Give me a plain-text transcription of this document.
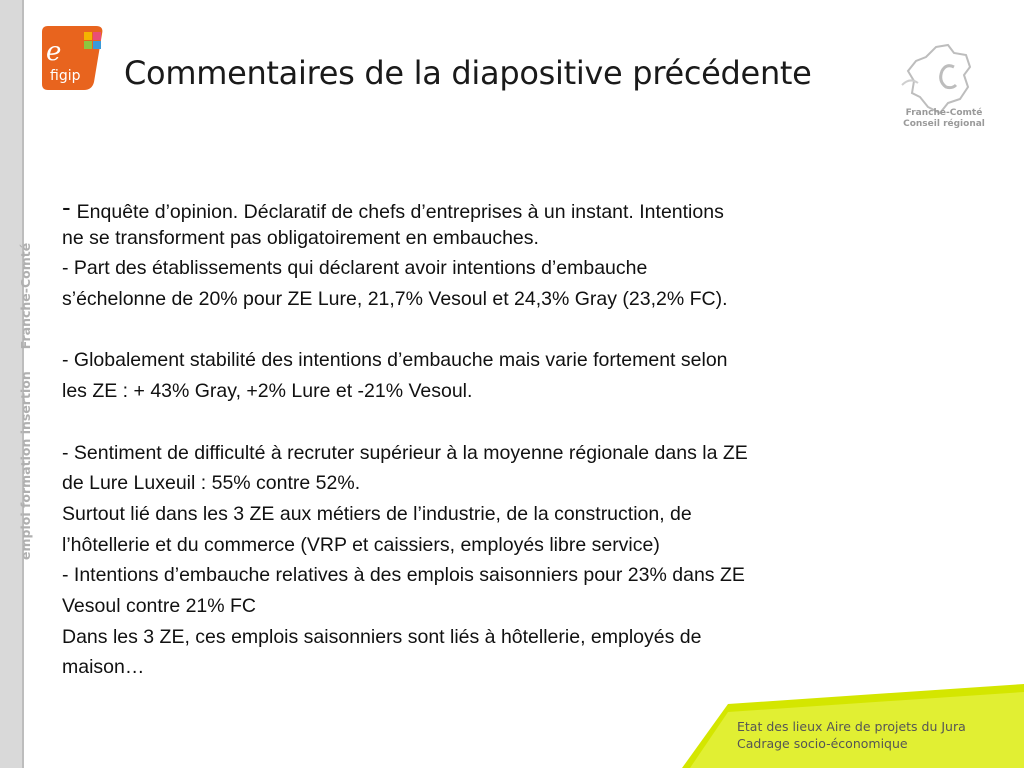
emploi formation insertionFranche-Comté
e
figip Commentaires de la diapositive précédente
Franche-Comté
Conseil régional
- Enquête d’opinion. Déclaratif de chefs d’entreprises à un instant. Intentions
ne se transforment pas obligatoirement en embauches.
- Part des établissements qui déclarent avoir intentions d’embauche
s’échelonne de 20% pour ZE Lure, 21,7% Vesoul et 24,3% Gray (23,2% FC).
- Globalement stabilité des intentions d’embauche mais varie fortement selon
les ZE : + 43% Gray, +2% Lure et -21% Vesoul.
- Sentiment de difficulté à recruter supérieur à la moyenne régionale dans la ZE
de Lure Luxeuil : 55% contre 52%.
Surtout lié dans les 3 ZE aux métiers de l’industrie, de la construction, de
l’hôtellerie et du commerce (VRP et caissiers, employés libre service)
- Intentions d’embauche relatives à des emplois saisonniers pour 23% dans ZE
Vesoul contre 21% FC
Dans les 3 ZE, ces emplois saisonniers sont liés à hôtellerie, employés de
maison…
Etat des lieux Aire de projets du Jura
Cadrage socio-économique
